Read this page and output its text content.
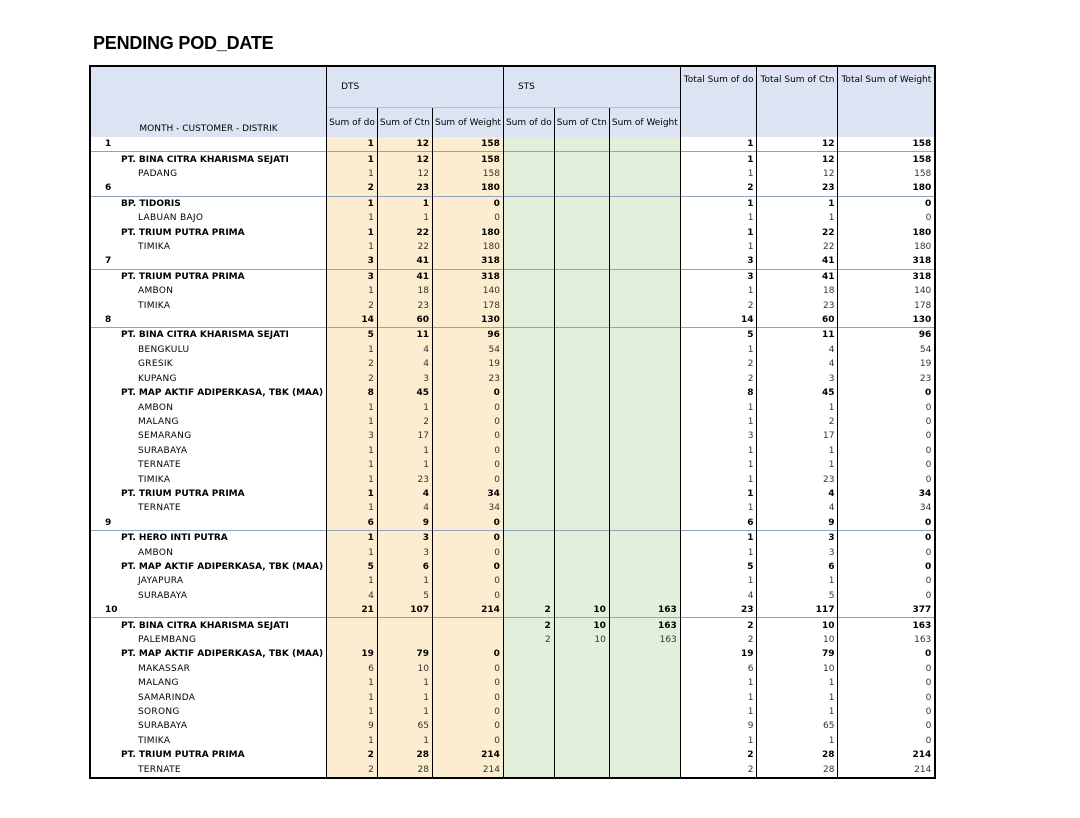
PENDING POD_DATE
MONTH - CUSTOMER - DISTRIK	DTS			STS			Total Sum of do	Total Sum of Ctn	Total Sum of Weight
	Sum of do	Sum of Ctn	Sum of Weight	Sum of do	Sum of Ctn	Sum of Weight			
1	1	12	158				1	12	158
PT. BINA CITRA KHARISMA SEJATI	1	12	158				1	12	158
PADANG	1	12	158				1	12	158
6	2	23	180				2	23	180
BP. TIDORIS	1	1	0				1	1	0
LABUAN BAJO	1	1	0				1	1	0
PT. TRIUM PUTRA PRIMA	1	22	180				1	22	180
TIMIKA	1	22	180				1	22	180
7	3	41	318				3	41	318
PT. TRIUM PUTRA PRIMA	3	41	318				3	41	318
AMBON	1	18	140				1	18	140
TIMIKA	2	23	178				2	23	178
8	14	60	130				14	60	130
PT. BINA CITRA KHARISMA SEJATI	5	11	96				5	11	96
BENGKULU	1	4	54				1	4	54
GRESIK	2	4	19				2	4	19
KUPANG	2	3	23				2	3	23
PT. MAP AKTIF ADIPERKASA, TBK (MAA)	8	45	0				8	45	0
AMBON	1	1	0				1	1	0
MALANG	1	2	0				1	2	0
SEMARANG	3	17	0				3	17	0
SURABAYA	1	1	0				1	1	0
TERNATE	1	1	0				1	1	0
TIMIKA	1	23	0				1	23	0
PT. TRIUM PUTRA PRIMA	1	4	34				1	4	34
TERNATE	1	4	34				1	4	34
9	6	9	0				6	9	0
PT. HERO INTI PUTRA	1	3	0				1	3	0
AMBON	1	3	0				1	3	0
PT. MAP AKTIF ADIPERKASA, TBK (MAA)	5	6	0				5	6	0
JAYAPURA	1	1	0				1	1	0
SURABAYA	4	5	0				4	5	0
10	21	107	214	2	10	163	23	117	377
PT. BINA CITRA KHARISMA SEJATI				2	10	163	2	10	163
PALEMBANG				2	10	163	2	10	163
PT. MAP AKTIF ADIPERKASA, TBK (MAA)	19	79	0				19	79	0
MAKASSAR	6	10	0				6	10	0
MALANG	1	1	0				1	1	0
SAMARINDA	1	1	0				1	1	0
SORONG	1	1	0				1	1	0
SURABAYA	9	65	0				9	65	0
TIMIKA	1	1	0				1	1	0
PT. TRIUM PUTRA PRIMA	2	28	214				2	28	214
TERNATE	2	28	214				2	28	214
